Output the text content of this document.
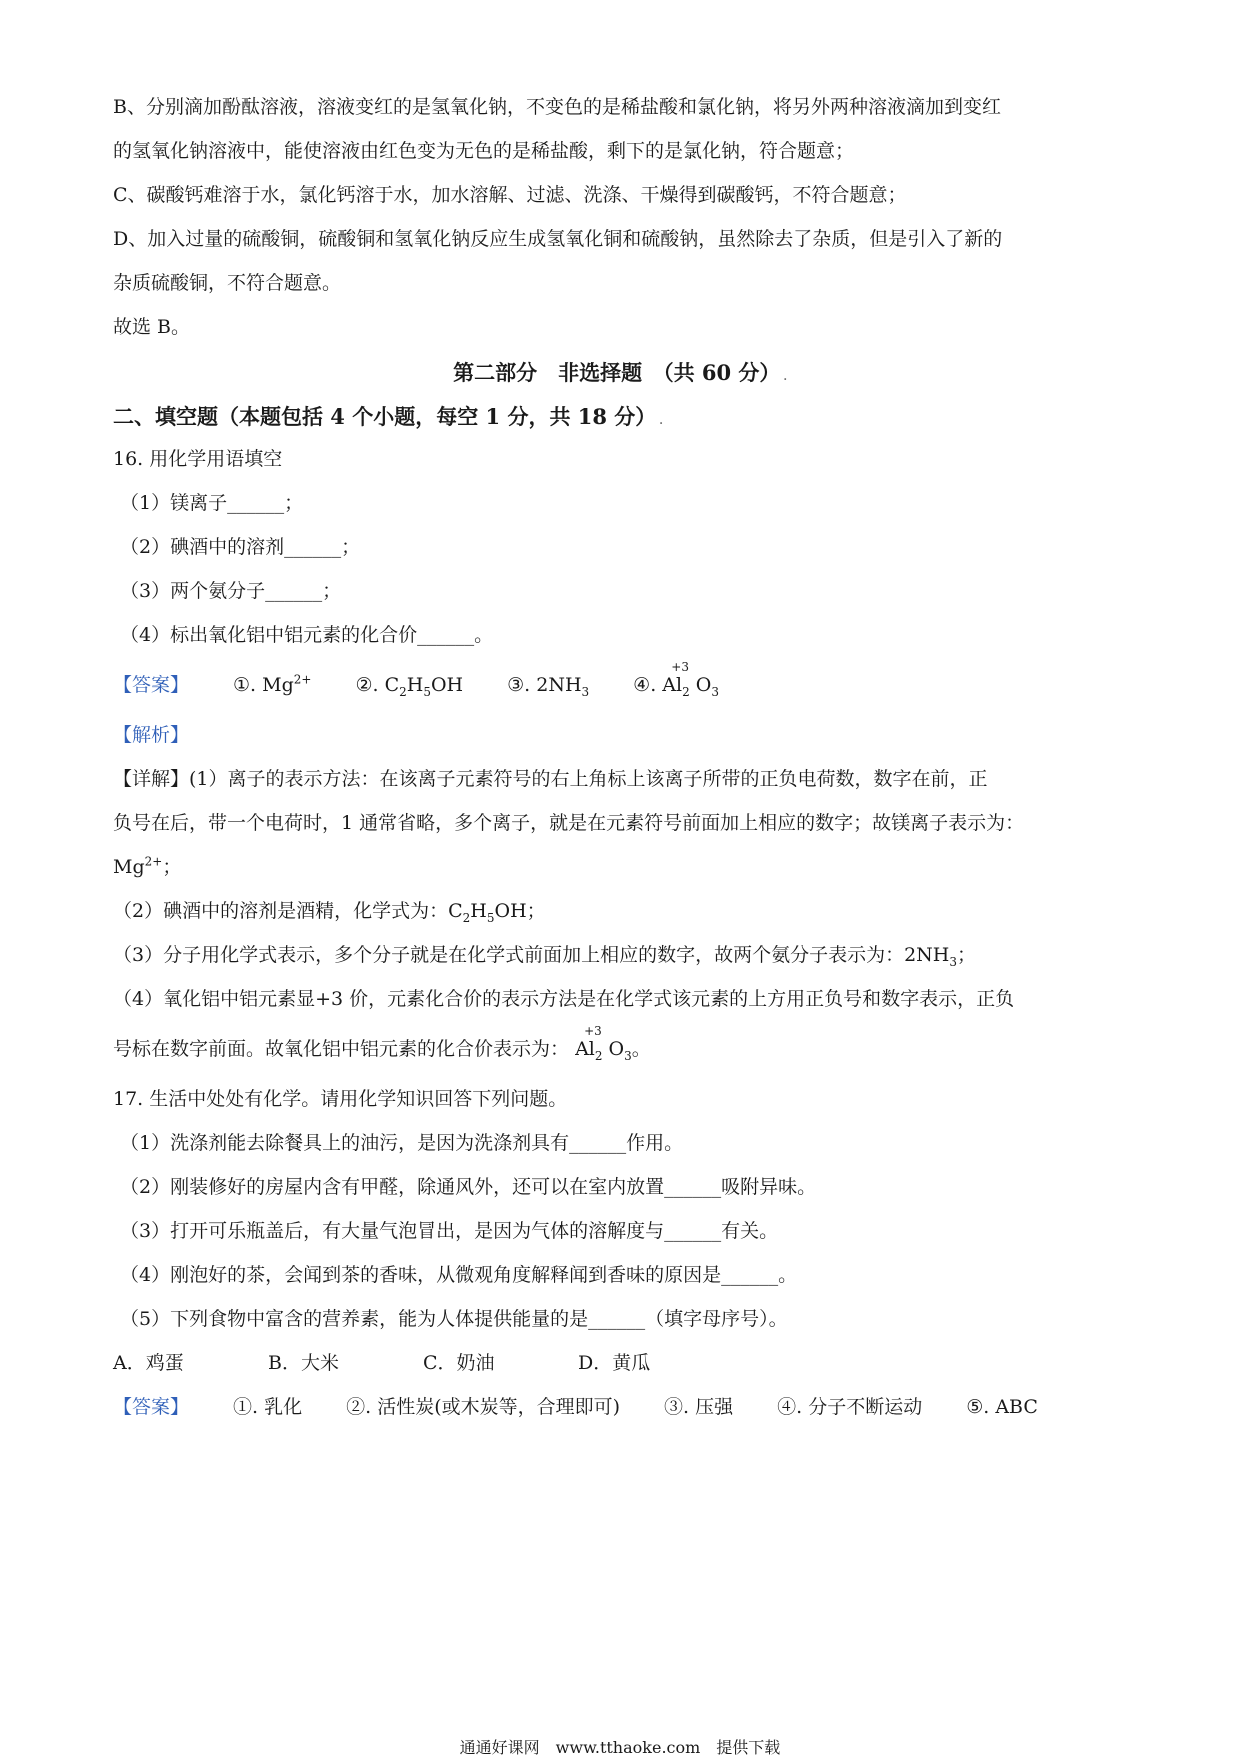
B、分别滴加酚酞溶液，溶液变红的是氢氧化钠，不变色的是稀盐酸和氯化钠，将另外两种溶液滴加到变红
的氢氧化钠溶液中，能使溶液由红色变为无色的是稀盐酸，剩下的是氯化钠，符合题意；
C、碳酸钙难溶于水，氯化钙溶于水，加水溶解、过滤、洗涤、干燥得到碳酸钙，不符合题意；
D、加入过量的硫酸铜，硫酸铜和氢氧化钠反应生成氢氧化铜和硫酸钠，虽然除去了杂质，但是引入了新的
杂质硫酸铜，不符合题意。
故选 B。
第二部分　非选择题　（共 60 分） .
二、填空题（本题包括 4 个小题，每空 1 分，共 18 分） .
16. 用化学用语填空
（1）镁离子______；
（2）碘酒中的溶剂______；
（3）两个氨分子______；
（4）标出氧化铝中铝元素的化合价______。
【答案】 ①. $Mg^{2+}$ ②. $C_2H_5OH$ ③. $2NH_3$ ④.
+3
$Al_2$ $O_3$
【解析】
【详解】(1）离子的表示方法：在该离子元素符号的右上角标上该离子所带的正负电荷数，数字在前，正
负号在后，带一个电荷时，1 通常省略，多个离子，就是在元素符号前面加上相应的数字；故镁离子表示为：
$Mg^{2+}$；
（2）碘酒中的溶剂是酒精，化学式为：$C_2H_5OH$；
（3）分子用化学式表示，多个分子就是在化学式前面加上相应的数字，故两个氨分子表示为：$2NH_3$；
（4）氧化铝中铝元素显+3 价，元素化合价的表示方法是在化学式该元素的上方用正负号和数字表示，正负
号标在数字前面。故氧化铝中铝元素的化合价表示为：
+3
$Al_2$ $O_3$。
17. 生活中处处有化学。请用化学知识回答下列问题。
（1）洗涤剂能去除餐具上的油污，是因为洗涤剂具有______作用。
（2）刚装修好的房屋内含有甲醛，除通风外，还可以在室内放置______吸附异味。
（3）打开可乐瓶盖后，有大量气泡冒出，是因为气体的溶解度与______有关。
（4）刚泡好的茶，会闻到茶的香味，从微观角度解释闻到香味的原因是______。
（5）下列食物中富含的营养素，能为人体提供能量的是______（填字母序号）。
A．鸡蛋	B．大米	C．奶油	D．黄瓜
【答案】 ①. 乳化 ②. 活性炭(或木炭等，合理即可) ③. 压强 ④. 分子不断运动 ⑤. ABC
通通好课网　www.tthaoke.com　提供下载
